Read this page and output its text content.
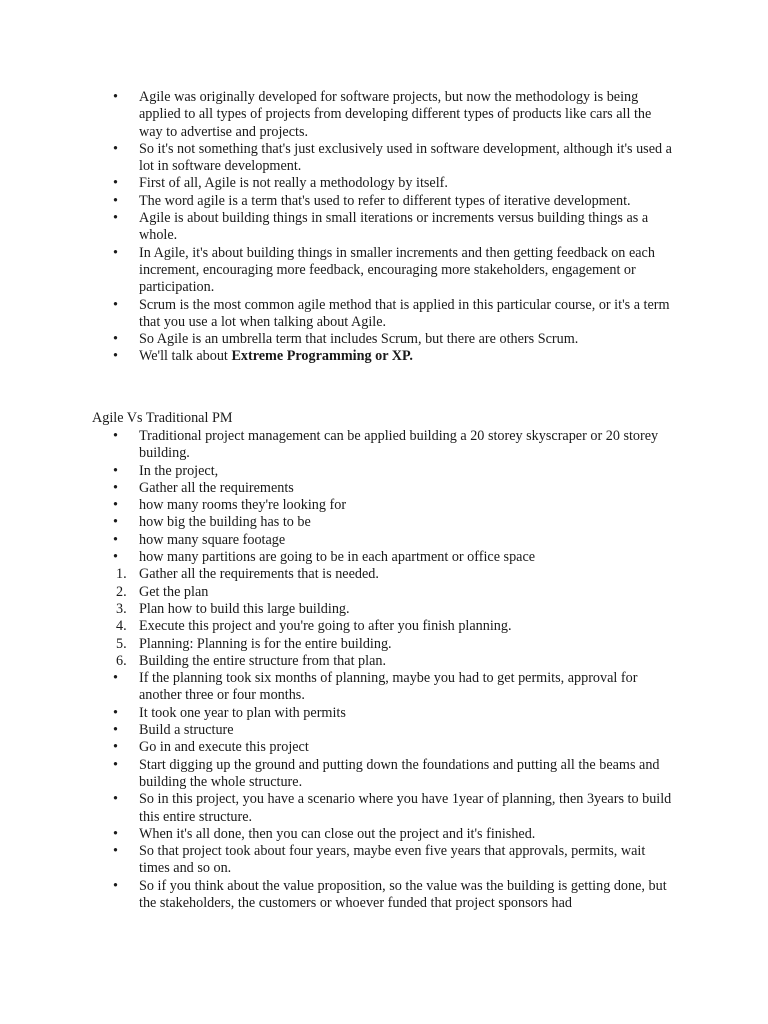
•	Agile was originally developed for software projects, but now the methodology is being applied to all types of projects from developing different types of products like cars all the way to advertise and projects.
•	So it's not something that's just exclusively used in software development, although it's used a lot in software development.
•	First of all, Agile is not really a methodology by itself.
•	The word agile is a term that's used to refer to different types of iterative development.
•	Agile is about building things in small iterations or increments versus building things as a whole.
•	In Agile, it's about building things in smaller increments and then getting feedback on each increment, encouraging more feedback, encouraging more stakeholders, engagement or participation.
•	Scrum is the most common agile method that is applied in this particular course, or it's a term that you use a lot when talking about Agile.
•	So Agile is an umbrella term that includes Scrum, but there are others Scrum.
•	We'll talk about Extreme Programming or XP.
Agile Vs Traditional PM
•	Traditional project management can be applied building a 20 storey skyscraper or 20 storey building.
•	In the project,
•	Gather all the requirements
•	how many rooms they're looking for
•	how big the building has to be
•	how many square footage
•	how many partitions are going to be in each apartment or office space
1. Gather all the requirements that is needed.
2. Get the plan
3. Plan how to build this large building.
4. Execute this project and you're going to after you finish planning.
5. Planning: Planning is for the entire building.
6. Building the entire structure from that plan.
•	If the planning took six months of planning, maybe you had to get permits, approval for another three or four months.
•	It took one year to plan with permits
•	Build a structure
•	Go in and execute this project
•	Start digging up the ground and putting down the foundations and putting all the beams and building the whole structure.
•	So in this project, you have a scenario where you have 1year of planning, then 3years to build this entire structure.
•	When it's all done, then you can close out the project and it's finished.
•	So that project took about four years, maybe even five years that approvals, permits, wait times and so on.
•	So if you think about the value proposition, so the value was the building is getting done, but the stakeholders, the customers or whoever funded that project sponsors had
